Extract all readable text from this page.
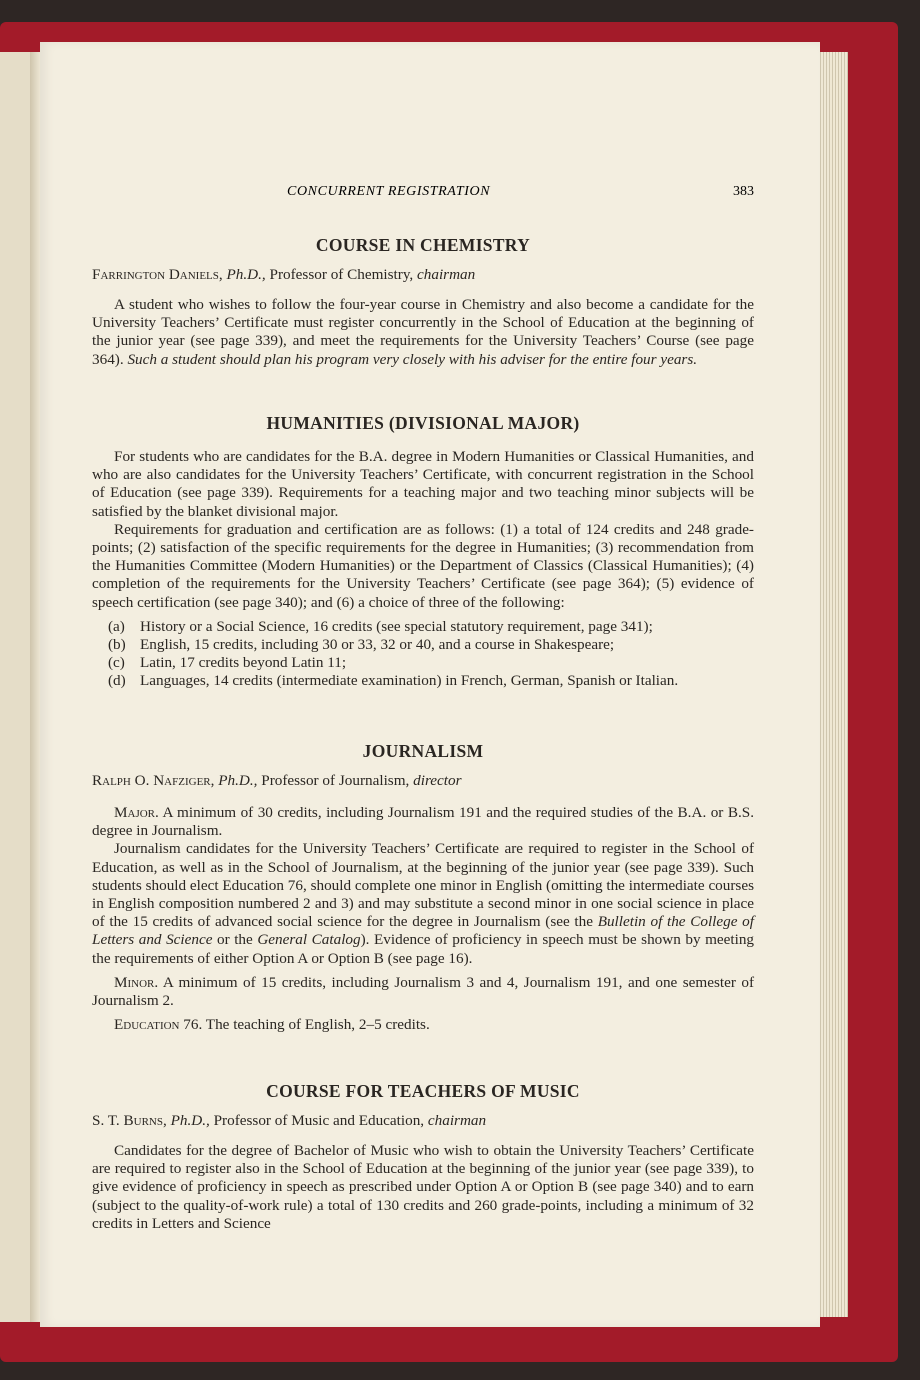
CONCURRENT REGISTRATION	383
COURSE IN CHEMISTRY
Farrington Daniels, Ph.D., Professor of Chemistry, chairman

A student who wishes to follow the four-year course in Chemistry and also become a candidate for the University Teachers’ Certificate must register concurrently in the School of Education at the beginning of the junior year (see page 339), and meet the requirements for the University Teachers’ Course (see page 364). Such a student should plan his program very closely with his adviser for the entire four years.

HUMANITIES (DIVISIONAL MAJOR)

For students who are candidates for the B.A. degree in Modern Humanities or Classical Humanities, and who are also candidates for the University Teachers’ Certificate, with concurrent registration in the School of Education (see page 339). Requirements for a teaching major and two teaching minor subjects will be satisfied by the blanket divisional major.

Requirements for graduation and certification are as follows: (1) a total of 124 credits and 248 grade-points; (2) satisfaction of the specific requirements for the degree in Humanities; (3) recommendation from the Humanities Committee (Modern Humanities) or the Department of Classics (Classical Humanities); (4) completion of the requirements for the University Teachers’ Certificate (see page 364); (5) evidence of speech certification (see page 340); and (6) a choice of three of the following:

(a) History or a Social Science, 16 credits (see special statutory requirement, page 341);
(b) English, 15 credits, including 30 or 33, 32 or 40, and a course in Shakespeare;
(c) Latin, 17 credits beyond Latin 11;
(d) Languages, 14 credits (intermediate examination) in French, German, Spanish or Italian.
JOURNALISM
Ralph O. Nafziger, Ph.D., Professor of Journalism, director

Major. A minimum of 30 credits, including Journalism 191 and the required studies of the B.A. or B.S. degree in Journalism.

Journalism candidates for the University Teachers’ Certificate are required to register in the School of Education, as well as in the School of Journalism, at the beginning of the junior year (see page 339). Such students should elect Education 76, should complete one minor in English (omitting the intermediate courses in English composition numbered 2 and 3) and may substitute a second minor in one social science in place of the 15 credits of advanced social science for the degree in Journalism (see the Bulletin of the College of Letters and Science or the General Catalog). Evidence of proficiency in speech must be shown by meeting the requirements of either Option A or Option B (see page 16).

Minor. A minimum of 15 credits, including Journalism 3 and 4, Journalism 191, and one semester of Journalism 2.

Education 76. The teaching of English, 2–5 credits.

COURSE FOR TEACHERS OF MUSIC
S. T. Burns, Ph.D., Professor of Music and Education, chairman

Candidates for the degree of Bachelor of Music who wish to obtain the University Teachers’ Certificate are required to register also in the School of Education at the beginning of the junior year (see page 339), to give evidence of proficiency in speech as prescribed under Option A or Option B (see page 340) and to earn (subject to the quality-of-work rule) a total of 130 credits and 260 grade-points, including a minimum of 32 credits in Letters and Science
